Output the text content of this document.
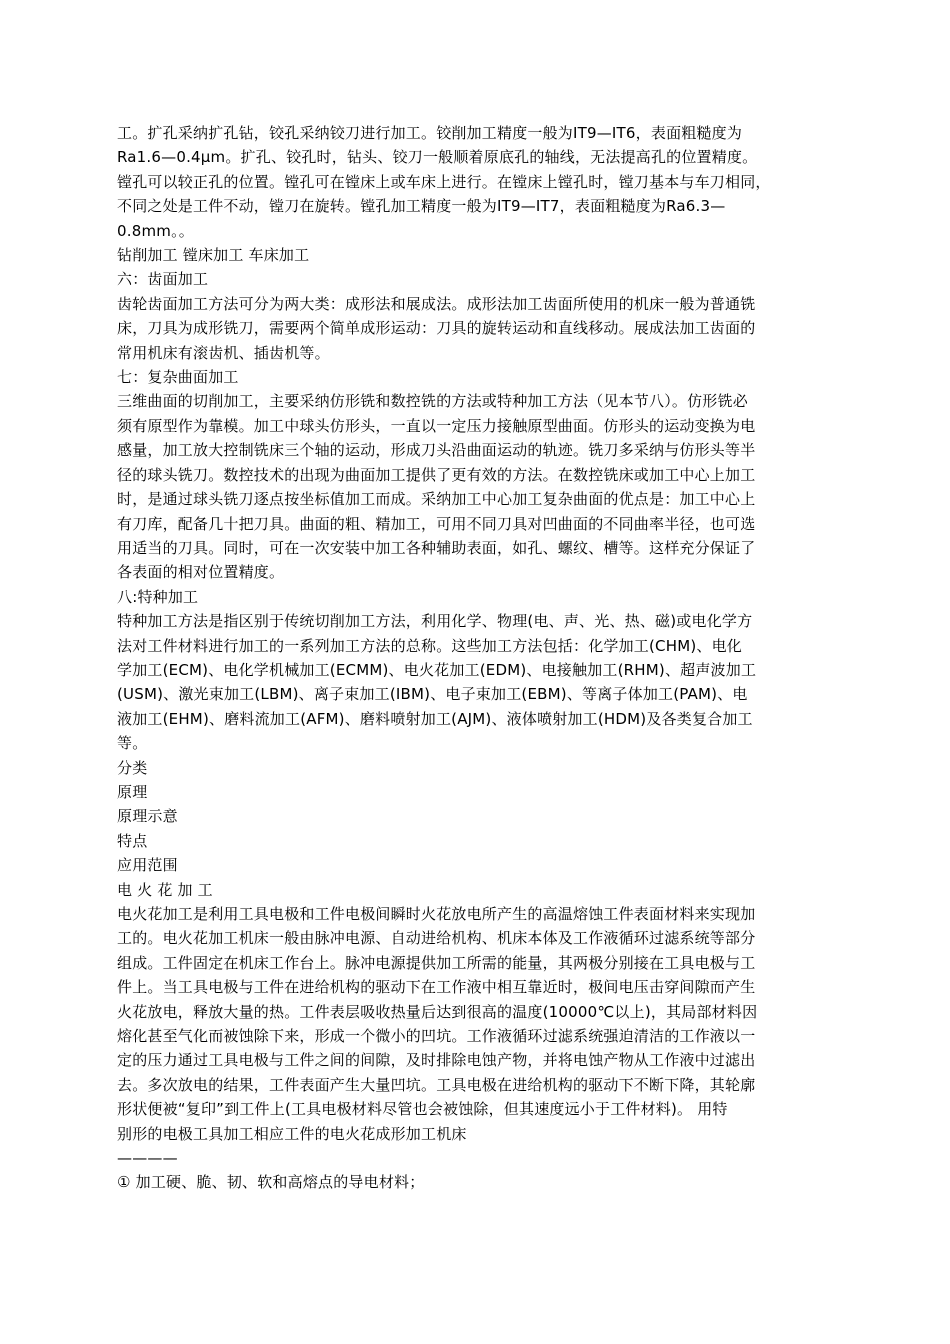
工。扩孔采纳扩孔钻，铰孔采纳铰刀进行加工。铰削加工精度一般为IT9—IT6，表面粗糙度为
Ra1.6—0.4μm。扩孔、铰孔时，钻头、铰刀一般顺着原底孔的轴线，无法提高孔的位置精度。
镗孔可以较正孔的位置。镗孔可在镗床上或车床上进行。在镗床上镗孔时，镗刀基本与车刀相同，
不同之处是工件不动，镗刀在旋转。镗孔加工精度一般为IT9—IT7，表面粗糙度为Ra6.3—
0.8mm。。
钻削加工 镗床加工 车床加工
六：齿面加工
齿轮齿面加工方法可分为两大类：成形法和展成法。成形法加工齿面所使用的机床一般为普通铣
床，刀具为成形铣刀，需要两个简单成形运动：刀具的旋转运动和直线移动。展成法加工齿面的
常用机床有滚齿机、插齿机等。
七：复杂曲面加工
三维曲面的切削加工，主要采纳仿形铣和数控铣的方法或特种加工方法（见本节八）。仿形铣必
须有原型作为靠模。加工中球头仿形头，一直以一定压力接触原型曲面。仿形头的运动变换为电
感量，加工放大控制铣床三个轴的运动，形成刀头沿曲面运动的轨迹。铣刀多采纳与仿形头等半
径的球头铣刀。数控技术的出现为曲面加工提供了更有效的方法。在数控铣床或加工中心上加工
时，是通过球头铣刀逐点按坐标值加工而成。采纳加工中心加工复杂曲面的优点是：加工中心上
有刀库，配备几十把刀具。曲面的粗、精加工，可用不同刀具对凹曲面的不同曲率半径，也可选
用适当的刀具。同时，可在一次安装中加工各种辅助表面，如孔、螺纹、槽等。这样充分保证了
各表面的相对位置精度。
八:特种加工
特种加工方法是指区别于传统切削加工方法，利用化学、物理(电、声、光、热、磁)或电化学方
法对工件材料进行加工的一系列加工方法的总称。这些加工方法包括：化学加工(CHM)、电化
学加工(ECM)、电化学机械加工(ECMM)、电火花加工(EDM)、电接触加工(RHM)、超声波加工
(USM)、激光束加工(LBM)、离子束加工(IBM)、电子束加工(EBM)、等离子体加工(PAM)、电
液加工(EHM)、磨料流加工(AFM)、磨料喷射加工(AJM)、液体喷射加工(HDM)及各类复合加工
等。
分类
原理
原理示意
特点
应用范围
电 火 花 加 工
电火花加工是利用工具电极和工件电极间瞬时火花放电所产生的高温熔蚀工件表面材料来实现加
工的。电火花加工机床一般由脉冲电源、自动进给机构、机床本体及工作液循环过滤系统等部分
组成。工件固定在机床工作台上。脉冲电源提供加工所需的能量，其两极分别接在工具电极与工
件上。当工具电极与工件在进给机构的驱动下在工作液中相互靠近时，极间电压击穿间隙而产生
火花放电，释放大量的热。工件表层吸收热量后达到很高的温度(10000℃以上)，其局部材料因
熔化甚至气化而被蚀除下来，形成一个微小的凹坑。工作液循环过滤系统强迫清洁的工作液以一
定的压力通过工具电极与工件之间的间隙，及时排除电蚀产物，并将电蚀产物从工作液中过滤出
去。多次放电的结果，工件表面产生大量凹坑。工具电极在进给机构的驱动下不断下降，其轮廓
形状便被“复印”到工件上(工具电极材料尽管也会被蚀除，但其速度远小于工件材料)。 用特
别形的电极工具加工相应工件的电火花成形加工机床
————
① 加工硬、脆、韧、软和高熔点的导电材料；
